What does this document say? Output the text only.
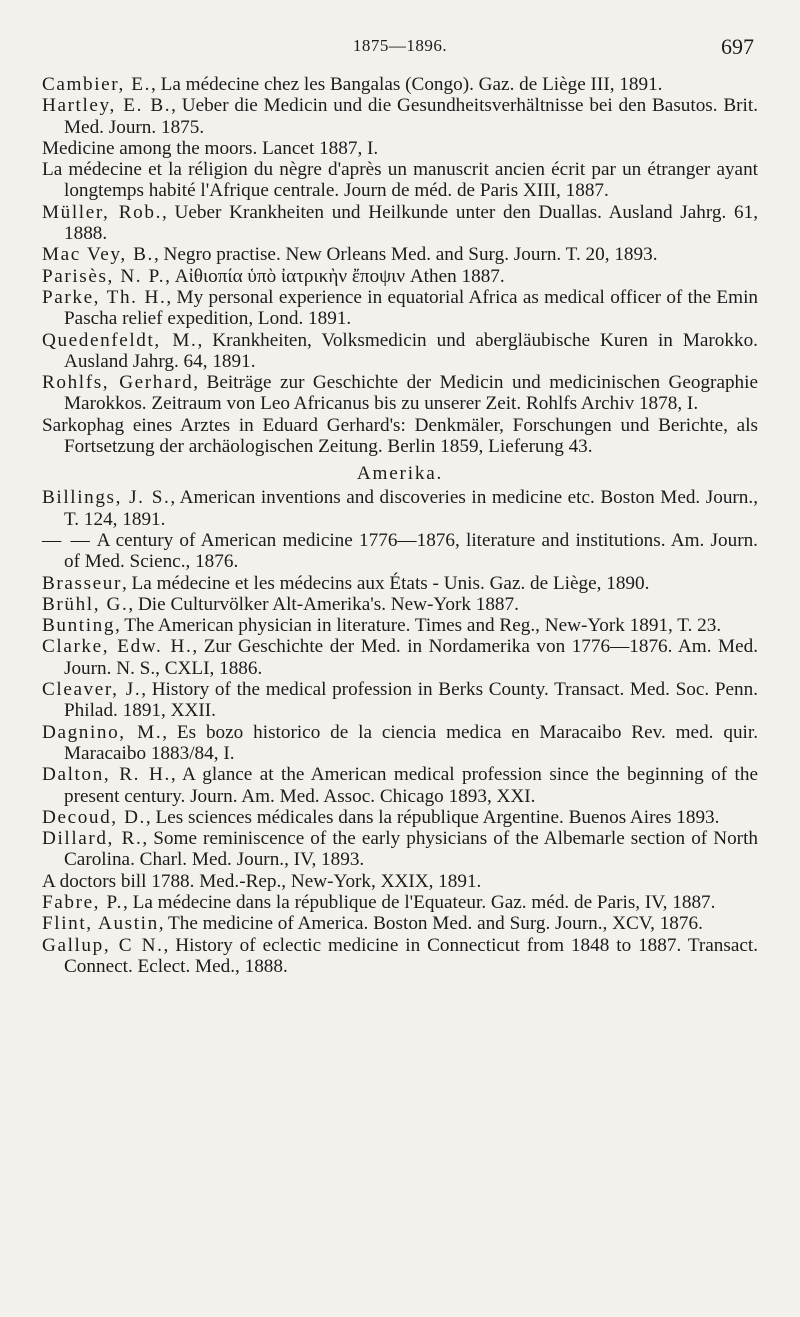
1875—1896.	697

Cambier, E., La médecine chez les Bangalas (Congo). Gaz. de Liège III, 1891.

Hartley, E. B., Ueber die Medicin und die Gesundheitsverhältnisse bei den Basutos. Brit. Med. Journ. 1875.

Medicine among the moors. Lancet 1887, I.

La médecine et la réligion du nègre d'après un manuscrit ancien écrit par un étranger ayant longtemps habité l'Afrique centrale. Journ de méd. de Paris XIII, 1887.

Müller, Rob., Ueber Krankheiten und Heilkunde unter den Duallas. Ausland Jahrg. 61, 1888.

Mac Vey, B., Negro practise. New Orleans Med. and Surg. Journ. T. 20, 1893.

Parisès, N. P., Αἰθιοπία ὑπὸ ἰατρικὴν ἔποψιν Athen 1887.

Parke, Th. H., My personal experience in equatorial Africa as medical officer of the Emin Pascha relief expedition, Lond. 1891.

Quedenfeldt, M., Krankheiten, Volksmedicin und abergläubische Kuren in Marokko. Ausland Jahrg. 64, 1891.

Rohlfs, Gerhard, Beiträge zur Geschichte der Medicin und medicinischen Geographie Marokkos. Zeitraum von Leo Africanus bis zu unserer Zeit. Rohlfs Archiv 1878, I.

Sarkophag eines Arztes in Eduard Gerhard's: Denkmäler, Forschungen und Berichte, als Fortsetzung der archäologischen Zeitung. Berlin 1859, Lieferung 43.

Amerika.

Billings, J. S., American inventions and discoveries in medicine etc. Boston Med. Journ., T. 124, 1891.

— — A century of American medicine 1776—1876, literature and institutions. Am. Journ. of Med. Scienc., 1876.

Brasseur, La médecine et les médecins aux États - Unis. Gaz. de Liège, 1890.

Brühl, G., Die Culturvölker Alt-Amerika's. New-York 1887.

Bunting, The American physician in literature. Times and Reg., New-York 1891, T. 23.

Clarke, Edw. H., Zur Geschichte der Med. in Nordamerika von 1776—1876. Am. Med. Journ. N. S., CXLI, 1886.

Cleaver, J., History of the medical profession in Berks County. Transact. Med. Soc. Penn. Philad. 1891, XXII.

Dagnino, M., Es bozo historico de la ciencia medica en Maracaibo Rev. med. quir. Maracaibo 1883/84, I.

Dalton, R. H., A glance at the American medical profession since the beginning of the present century. Journ. Am. Med. Assoc. Chicago 1893, XXI.

Decoud, D., Les sciences médicales dans la république Argentine. Buenos Aires 1893.

Dillard, R., Some reminiscence of the early physicians of the Albemarle section of North Carolina. Charl. Med. Journ., IV, 1893.

A doctors bill 1788. Med.-Rep., New-York, XXIX, 1891.

Fabre, P., La médecine dans la république de l'Equateur. Gaz. méd. de Paris, IV, 1887.

Flint, Austin, The medicine of America. Boston Med. and Surg. Journ., XCV, 1876.

Gallup, C N., History of eclectic medicine in Connecticut from 1848 to 1887. Transact. Connect. Eclect. Med., 1888.
